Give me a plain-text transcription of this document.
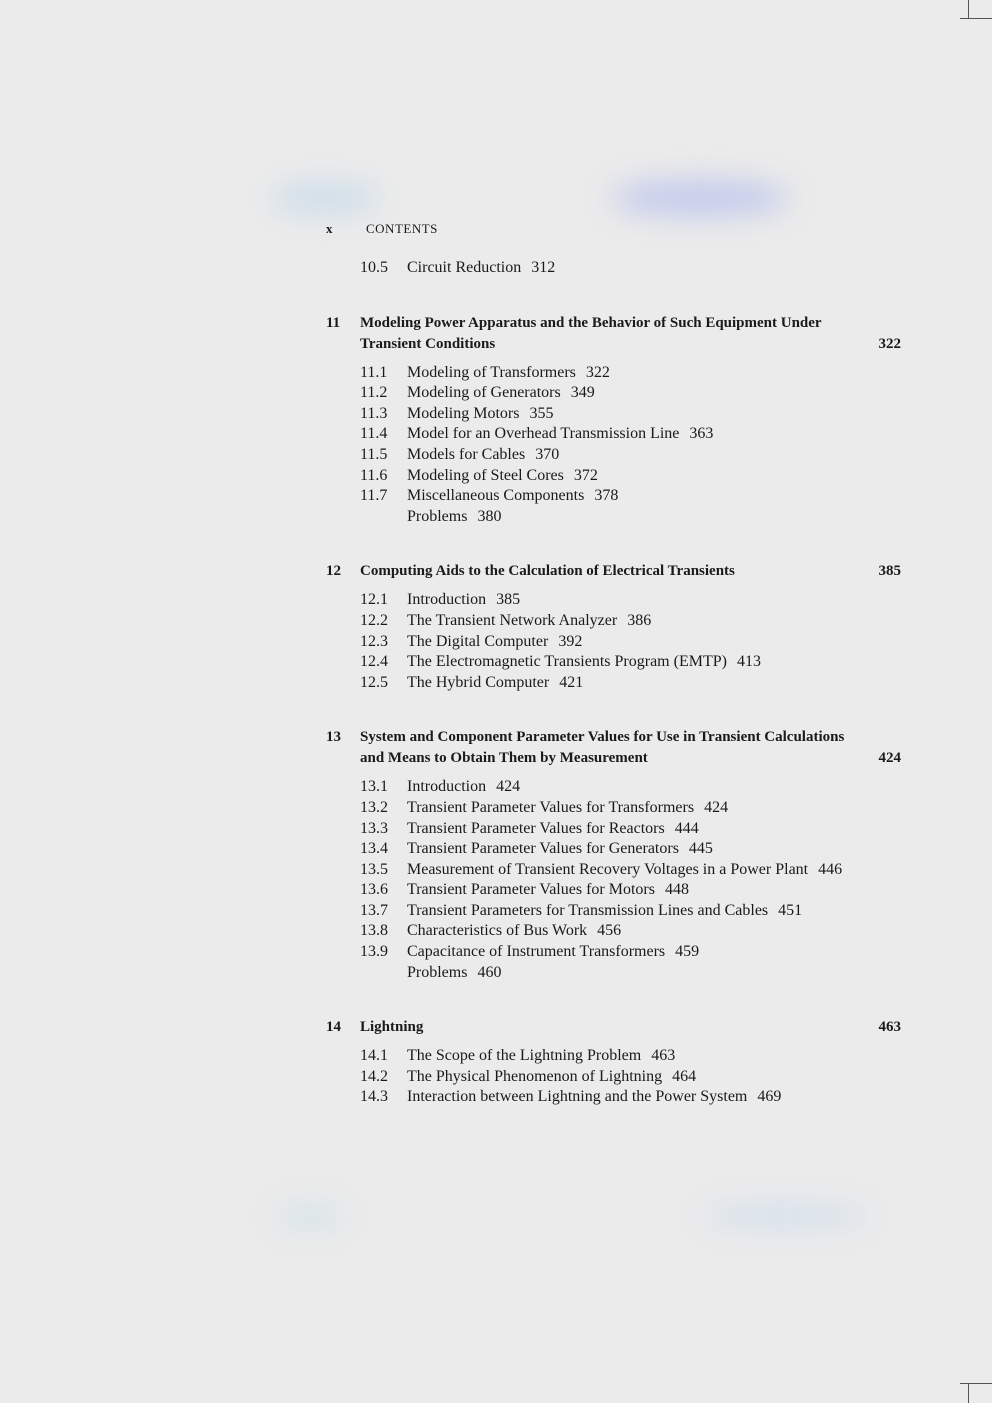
x	CONTENTS
10.5 Circuit Reduction 312
11	Modeling Power Apparatus and the Behavior of Such Equipment Under Transient Conditions	322
11.1 Modeling of Transformers 322
11.2 Modeling of Generators 349
11.3 Modeling Motors 355
11.4 Model for an Overhead Transmission Line 363
11.5 Models for Cables 370
11.6 Modeling of Steel Cores 372
11.7 Miscellaneous Components 378
Problems 380
12	Computing Aids to the Calculation of Electrical Transients	385
12.1 Introduction 385
12.2 The Transient Network Analyzer 386
12.3 The Digital Computer 392
12.4 The Electromagnetic Transients Program (EMTP) 413
12.5 The Hybrid Computer 421
13	System and Component Parameter Values for Use in Transient Calculations and Means to Obtain Them by Measurement	424
13.1 Introduction 424
13.2 Transient Parameter Values for Transformers 424
13.3 Transient Parameter Values for Reactors 444
13.4 Transient Parameter Values for Generators 445
13.5 Measurement of Transient Recovery Voltages in a Power Plant 446
13.6 Transient Parameter Values for Motors 448
13.7 Transient Parameters for Transmission Lines and Cables 451
13.8 Characteristics of Bus Work 456
13.9 Capacitance of Instrument Transformers 459
Problems 460
14	Lightning	463
14.1 The Scope of the Lightning Problem 463
14.2 The Physical Phenomenon of Lightning 464
14.3 Interaction between Lightning and the Power System 469
